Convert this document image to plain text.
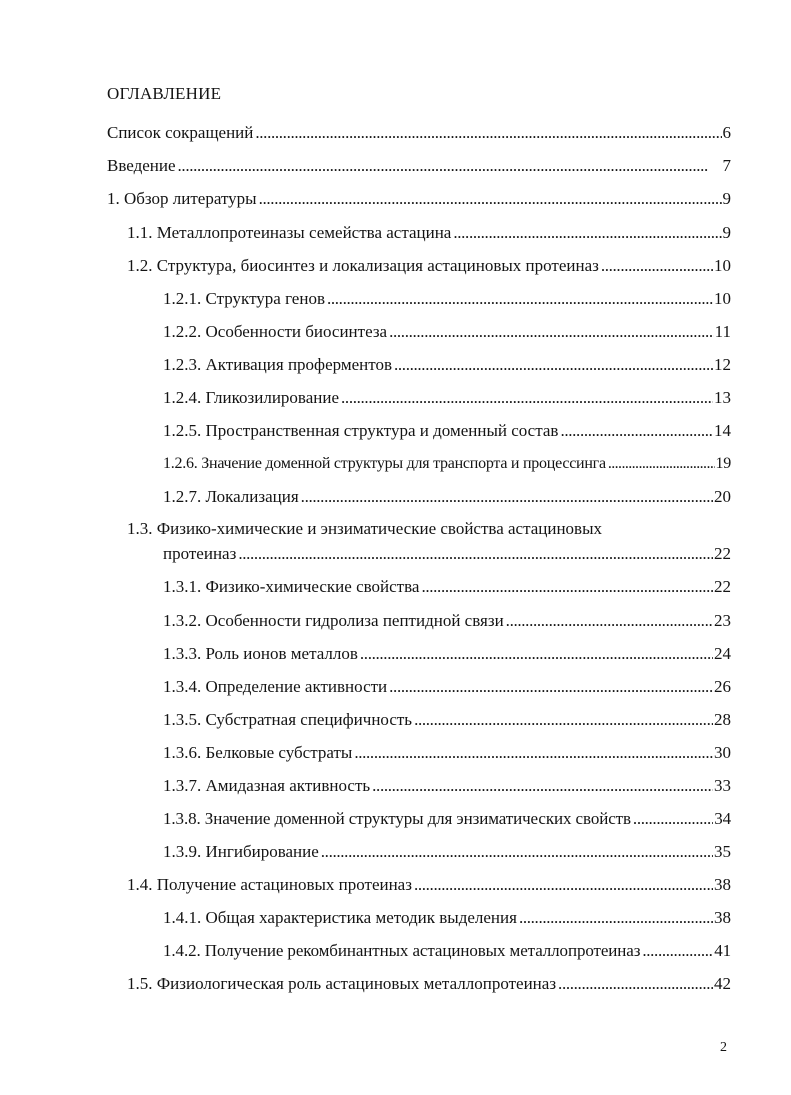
ОГЛАВЛЕНИЕ
Список сокращений . . .	6
Введение . . .	7
1. Обзор литературы . . .	9
1.1. Металлопротеиназы семейства астацина . . .	9
1.2. Структура, биосинтез и локализация астациновых протеиназ . . .	10
1.2.1. Структура генов . . .	10
1.2.2. Особенности биосинтеза . . .	11
1.2.3. Активация проферментов . . .	12
1.2.4. Гликозилирование . . .	13
1.2.5. Пространственная структура и доменный состав . . .	14
1.2.6. Значение доменной структуры для транспорта и процессинга . . .	19
1.2.7. Локализация . . .	20
1.3. Физико-химические и энзиматические свойства астациновых
протеиназ . . .	22
1.3.1. Физико-химические свойства . . .	22
1.3.2. Особенности гидролиза пептидной связи . . .	23
1.3.3. Роль ионов металлов . . .	24
1.3.4. Определение активности . . .	26
1.3.5. Субстратная специфичность . . .	28
1.3.6. Белковые субстраты . . .	30
1.3.7. Амидазная активность . . .	33
1.3.8. Значение доменной структуры для энзиматических свойств . . .	34
1.3.9. Ингибирование . . .	35
1.4. Получение астациновых протеиназ . . .	38
1.4.1. Общая характеристика методик выделения . . .	38
1.4.2. Получение рекомбинантных астациновых металлопротеиназ . . .	41
1.5. Физиологическая роль астациновых металлопротеиназ . . .	42
2
